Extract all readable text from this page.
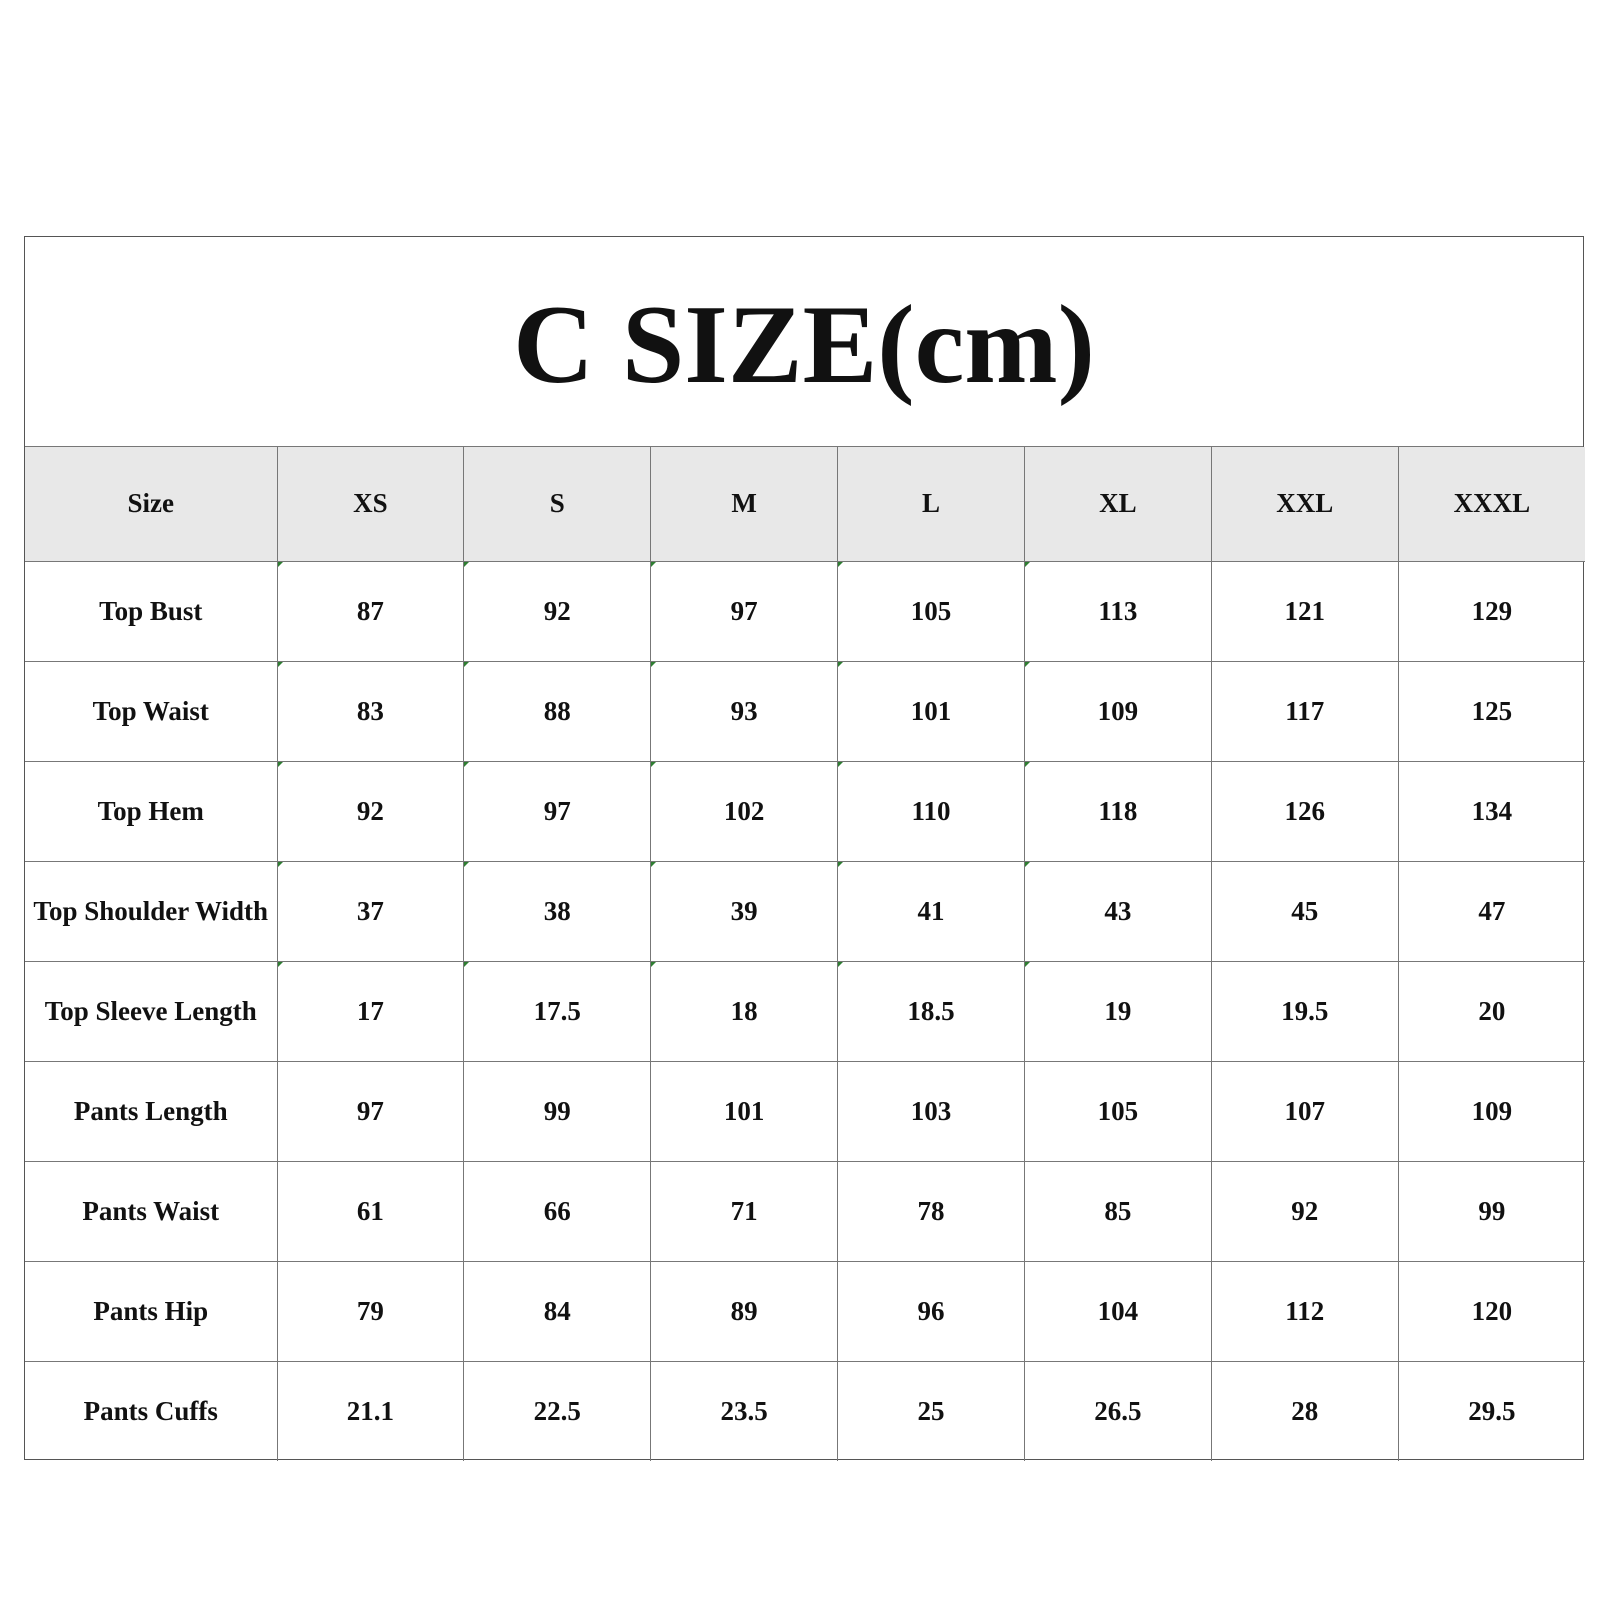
C SIZE(cm)
Size	XS	S	M	L	XL	XXL	XXXL
Top Bust	87	92	97	105	113	121	129
Top Waist	83	88	93	101	109	117	125
Top Hem	92	97	102	110	118	126	134
Top Shoulder Width	37	38	39	41	43	45	47
Top Sleeve Length	17	17.5	18	18.5	19	19.5	20
Pants Length	97	99	101	103	105	107	109
Pants Waist	61	66	71	78	85	92	99
Pants Hip	79	84	89	96	104	112	120
Pants Cuffs	21.1	22.5	23.5	25	26.5	28	29.5
